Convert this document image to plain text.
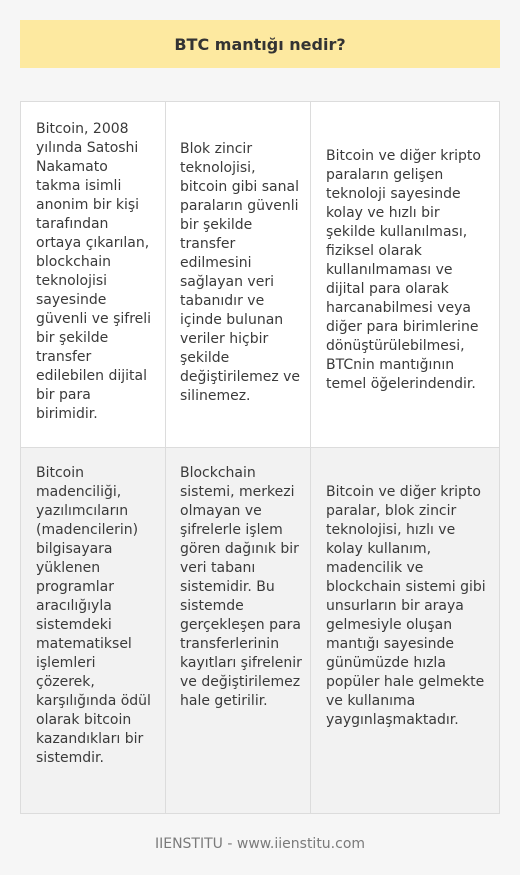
BTC mantığı nedir?
Bitcoin, 2008 yılında Satoshi Nakamato takma isimli anonim bir kişi tarafından ortaya çıkarılan, blockchain teknolojisi sayesinde güvenli ve şifreli bir şekilde transfer edilebilen dijital bir para birimidir.
Blok zincir teknolojisi, bitcoin gibi sanal paraların güvenli bir şekilde transfer edilmesini sağlayan veri tabanıdır ve içinde bulunan veriler hiçbir şekilde değiştirilemez ve silinemez.
Bitcoin ve diğer kripto paraların gelişen teknoloji sayesinde kolay ve hızlı bir şekilde kullanılması, fiziksel olarak kullanılmaması ve dijital para olarak harcanabilmesi veya diğer para birimlerine dönüştürülebilmesi, BTCnin mantığının temel öğelerindendir.
Bitcoin madenciliği, yazılımcıların (madencilerin) bilgisayara yüklenen programlar aracılığıyla sistemdeki matematiksel işlemleri çözerek, karşılığında ödül olarak bitcoin kazandıkları bir sistemdir.
Blockchain sistemi, merkezi olmayan ve şifrelerle işlem gören dağınık bir veri tabanı sistemidir. Bu sistemde gerçekleşen para transferlerinin kayıtları şifrelenir ve değiştirilemez hale getirilir.
Bitcoin ve diğer kripto paralar, blok zincir teknolojisi, hızlı ve kolay kullanım, madencilik ve blockchain sistemi gibi unsurların bir araya gelmesiyle oluşan mantığı sayesinde günümüzde hızla popüler hale gelmekte ve kullanıma yaygınlaşmaktadır.
IIENSTITU - www.iienstitu.com
